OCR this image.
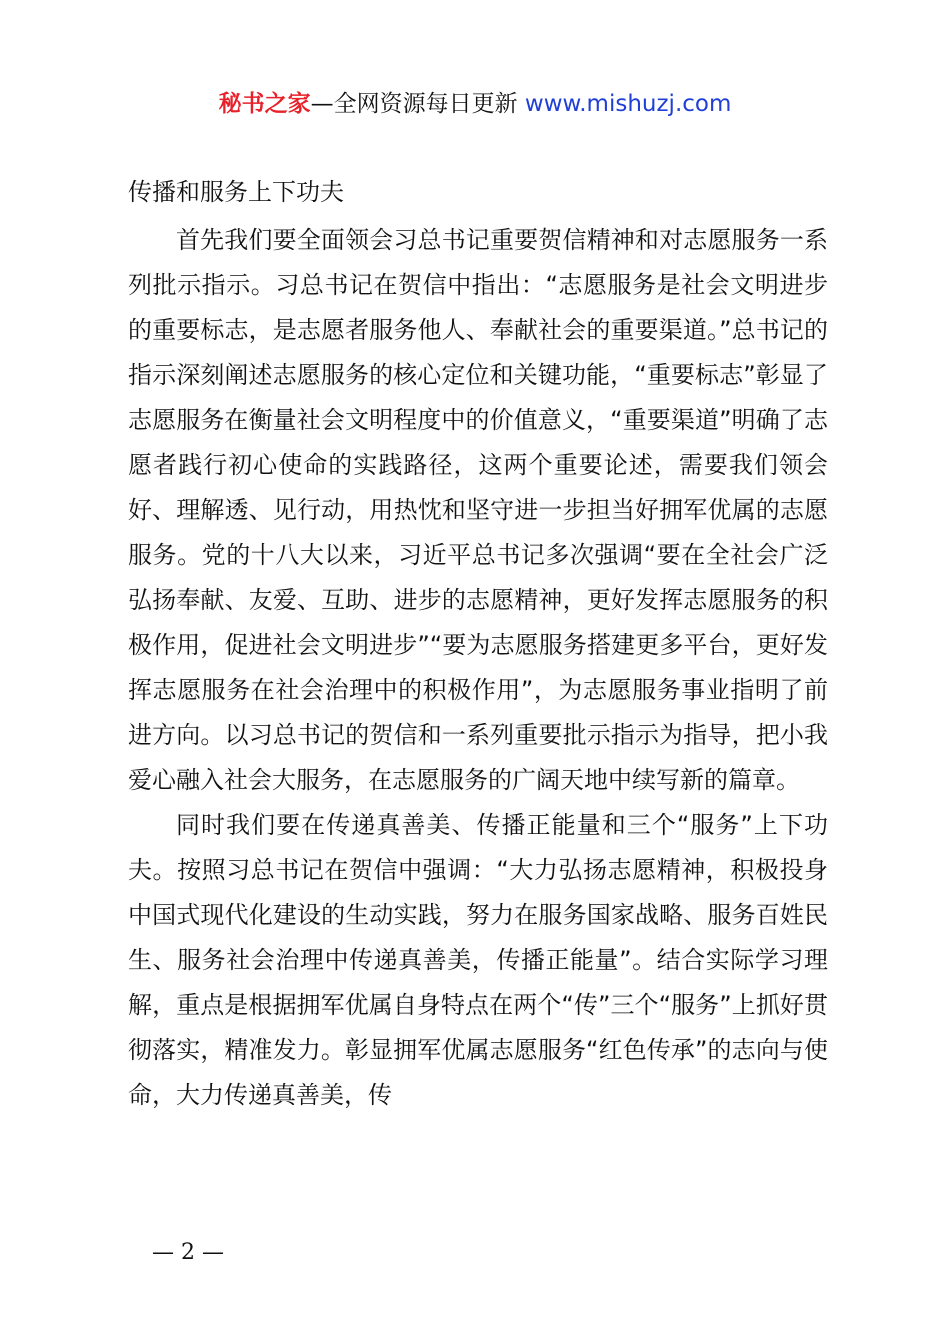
秘书之家—全网资源每日更新 www.mishuzj.com

传播和服务上下功夫

首先我们要全面领会习总书记重要贺信精神和对志愿服务一系列批示指示。习总书记在贺信中指出：“志愿服务是社会文明进步的重要标志，是志愿者服务他人、奉献社会的重要渠道。”总书记的指示深刻阐述志愿服务的核心定位和关键功能，“重要标志”彰显了志愿服务在衡量社会文明程度中的价值意义，“重要渠道”明确了志愿者践行初心使命的实践路径，这两个重要论述，需要我们领会好、理解透、见行动，用热忱和坚守进一步担当好拥军优属的志愿服务。党的十八大以来，习近平总书记多次强调“要在全社会广泛弘扬奉献、友爱、互助、进步的志愿精神，更好发挥志愿服务的积极作用，促进社会文明进步”“要为志愿服务搭建更多平台，更好发挥志愿服务在社会治理中的积极作用”，为志愿服务事业指明了前进方向。以习总书记的贺信和一系列重要批示指示为指导，把小我爱心融入社会大服务，在志愿服务的广阔天地中续写新的篇章。

同时我们要在传递真善美、传播正能量和三个“服务”上下功夫。按照习总书记在贺信中强调：“大力弘扬志愿精神，积极投身中国式现代化建设的生动实践，努力在服务国家战略、服务百姓民生、服务社会治理中传递真善美，传播正能量”。结合实际学习理解，重点是根据拥军优属自身特点在两个“传”三个“服务”上抓好贯彻落实，精准发力。彰显拥军优属志愿服务“红色传承”的志向与使命，大力传递真善美，传

— 2 —
